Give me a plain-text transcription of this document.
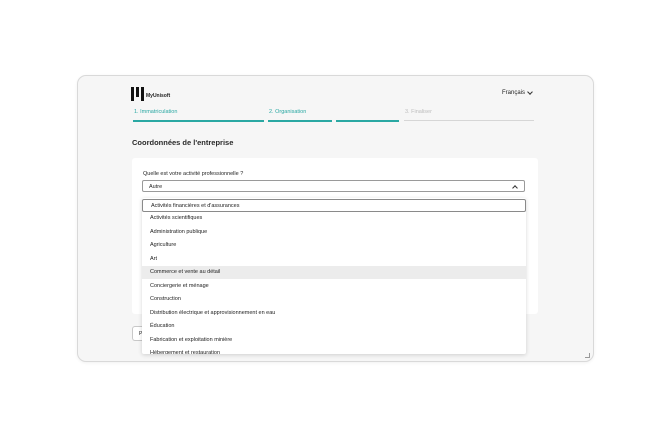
MyUnisoft	Français
1. Immatriculation	2. Organisation	3. Finaliser
Coordonnées de l'entreprise
Quelle est votre activité professionnelle ?
Autre
P
Activités financières et d'assurances
Activités scientifiques
Administration publique
Agriculture
Art
Commerce et vente au détail
Conciergerie et ménage
Construction
Distribution électrique et approvisionnement en eau
Éducation
Fabrication et exploitation minière
Hébergement et restauration
